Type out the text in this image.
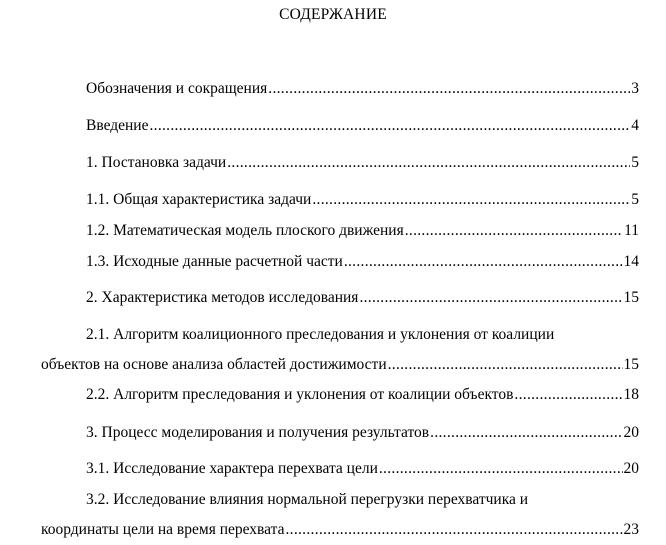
СОДЕРЖАНИЕ
Обозначения и сокращения .....	3
Введение .....	4
1. Постановка задачи .....	5
1.1. Общая характеристика задачи .....	5
1.2. Математическая модель плоского движения .....	11
1.3. Исходные данные расчетной части .....	14
2. Характеристика методов исследования .....	15
2.1. Алгоритм коалиционного преследования и уклонения от коалиции
объектов на основе анализа областей достижимости .....	15
2.2. Алгоритм преследования и уклонения от коалиции объектов .....	18
3. Процесс моделирования и получения результатов .....	20
3.1. Исследование характера перехвата цели .....	20
3.2. Исследование влияния нормальной перегрузки перехватчика и
координаты цели на время перехвата .....	23
